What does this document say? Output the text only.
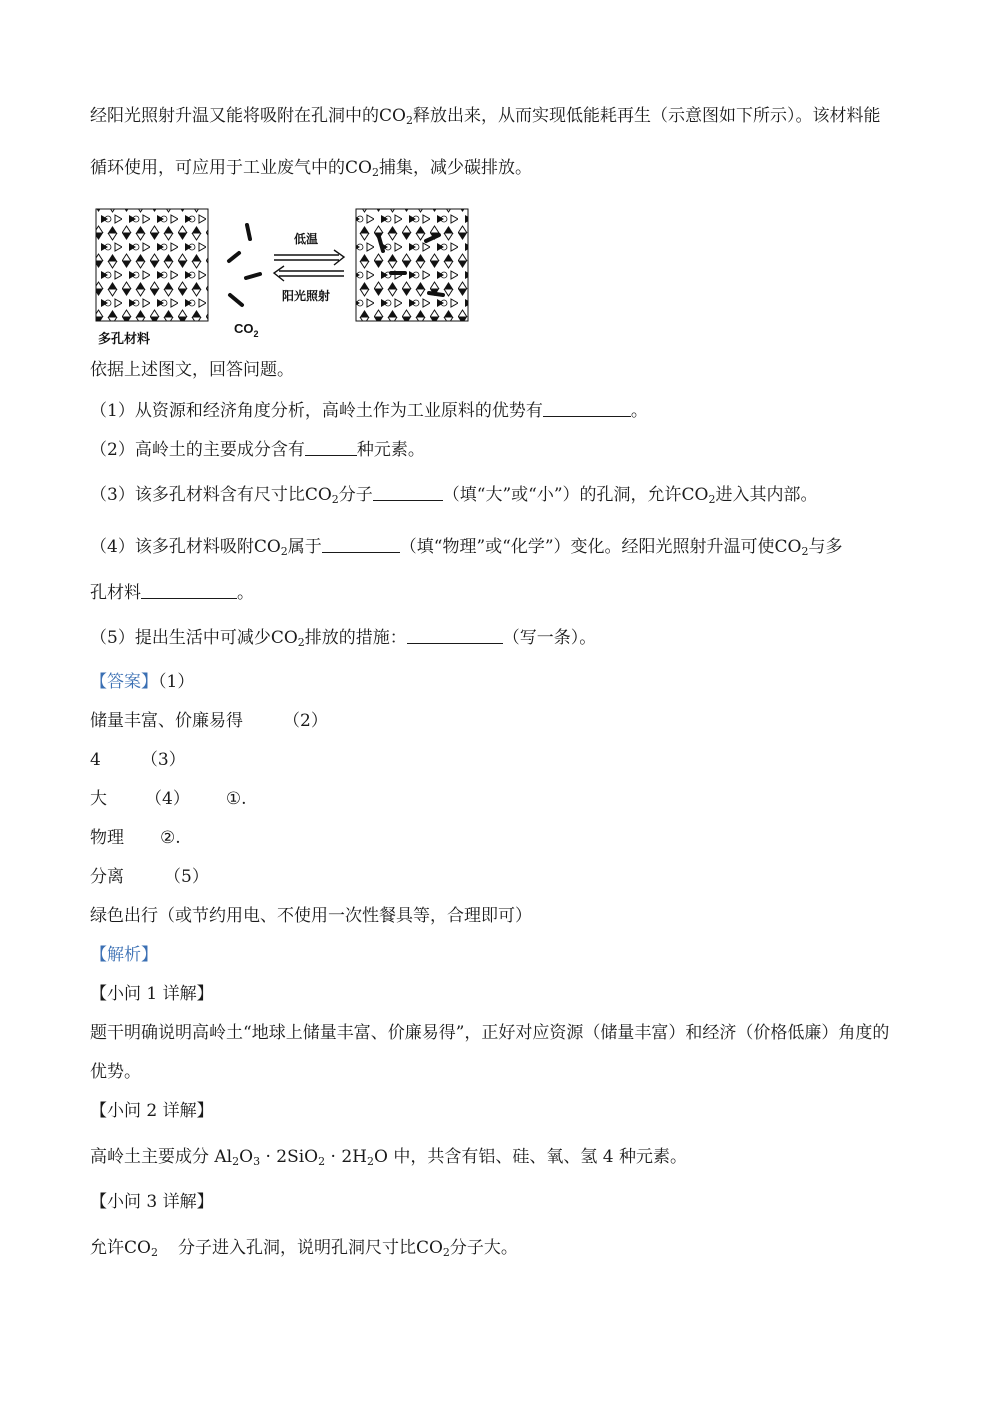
经阳光照射升温又能将吸附在孔洞中的$CO_2$释放出来，从而实现低能耗再生（示意图如下所示）。该材料能
循环使用，可应用于工业废气中的$CO_2$捕集，减少碳排放。
$CO_2$
低温
阳光照射
多孔材料
依据上述图文，回答问题。
（1）从资源和经济角度分析，高岭土作为工业原料的优势有	。
（2）高岭土的主要成分含有	种元素。
（3）该多孔材料含有尺寸比$CO_2$分子	（填“大”或“小”）的孔洞，允许$CO_2$进入其内部。
（4）该多孔材料吸附$CO_2$属于	（填“物理”或“化学”）变化。经阳光照射升温可使$CO_2$与多
孔材料	。
（5）提出生活中可减少$CO_2$排放的措施：	（写一条）。
【答案】（1）
储量丰富、价廉易得 （2）
4 （3）
大 （4） ①.
物理 ②.
分离 （5）
绿色出行（或节约用电、不使用一次性餐具等，合理即可）
【解析】
【小问 1 详解】
题干明确说明高岭土“地球上储量丰富、价廉易得”，正好对应资源（储量丰富）和经济（价格低廉）角度的
优势。
【小问 2 详解】
高岭土主要成分 $Al_2O_3 \cdot 2SiO_2 \cdot 2H_2O$ 中，共含有铝、硅、氧、氢 4 种元素。
【小问 3 详解】
允许$CO_2$ 分子进入孔洞，说明孔洞尺寸比$CO_2$分子大。
